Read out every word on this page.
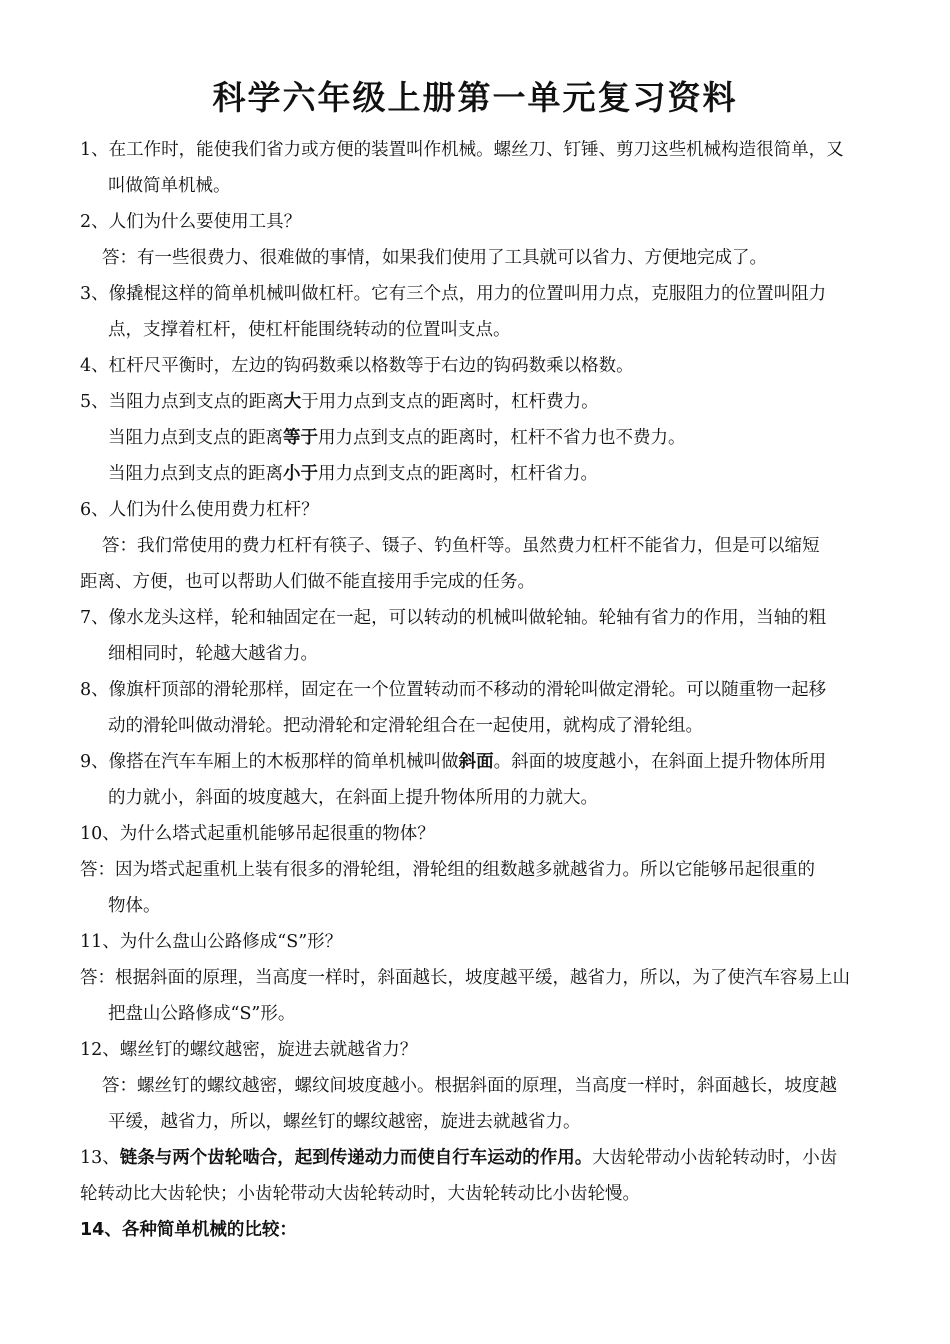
科学六年级上册第一单元复习资料
1、在工作时，能使我们省力或方便的装置叫作机械。螺丝刀、钉锤、剪刀这些机械构造很简单，又
叫做简单机械。
2、人们为什么要使用工具？
答：有一些很费力、很难做的事情，如果我们使用了工具就可以省力、方便地完成了。
3、像撬棍这样的简单机械叫做杠杆。它有三个点，用力的位置叫用力点，克服阻力的位置叫阻力
点，支撑着杠杆，使杠杆能围绕转动的位置叫支点。
4、杠杆尺平衡时，左边的钩码数乘以格数等于右边的钩码数乘以格数。
5、当阻力点到支点的距离大于用力点到支点的距离时，杠杆费力。
当阻力点到支点的距离等于用力点到支点的距离时，杠杆不省力也不费力。
当阻力点到支点的距离小于用力点到支点的距离时，杠杆省力。
6、人们为什么使用费力杠杆？
答：我们常使用的费力杠杆有筷子、镊子、钓鱼杆等。虽然费力杠杆不能省力，但是可以缩短
距离、方便，也可以帮助人们做不能直接用手完成的任务。
7、像水龙头这样，轮和轴固定在一起，可以转动的机械叫做轮轴。轮轴有省力的作用，当轴的粗
细相同时，轮越大越省力。
8、像旗杆顶部的滑轮那样，固定在一个位置转动而不移动的滑轮叫做定滑轮。可以随重物一起移
动的滑轮叫做动滑轮。把动滑轮和定滑轮组合在一起使用，就构成了滑轮组。
9、像搭在汽车车厢上的木板那样的简单机械叫做斜面。斜面的坡度越小，在斜面上提升物体所用
的力就小，斜面的坡度越大，在斜面上提升物体所用的力就大。
10、为什么塔式起重机能够吊起很重的物体？
答：因为塔式起重机上装有很多的滑轮组，滑轮组的组数越多就越省力。所以它能够吊起很重的
物体。
11、为什么盘山公路修成“S”形？
答：根据斜面的原理，当高度一样时，斜面越长，坡度越平缓，越省力，所以，为了使汽车容易上山
把盘山公路修成“S”形。
12、螺丝钉的螺纹越密，旋进去就越省力？
答：螺丝钉的螺纹越密，螺纹间坡度越小。根据斜面的原理，当高度一样时，斜面越长，坡度越
平缓，越省力，所以，螺丝钉的螺纹越密，旋进去就越省力。
13、链条与两个齿轮啮合，起到传递动力而使自行车运动的作用。大齿轮带动小齿轮转动时，小齿
轮转动比大齿轮快；小齿轮带动大齿轮转动时，大齿轮转动比小齿轮慢。
14、各种简单机械的比较：
